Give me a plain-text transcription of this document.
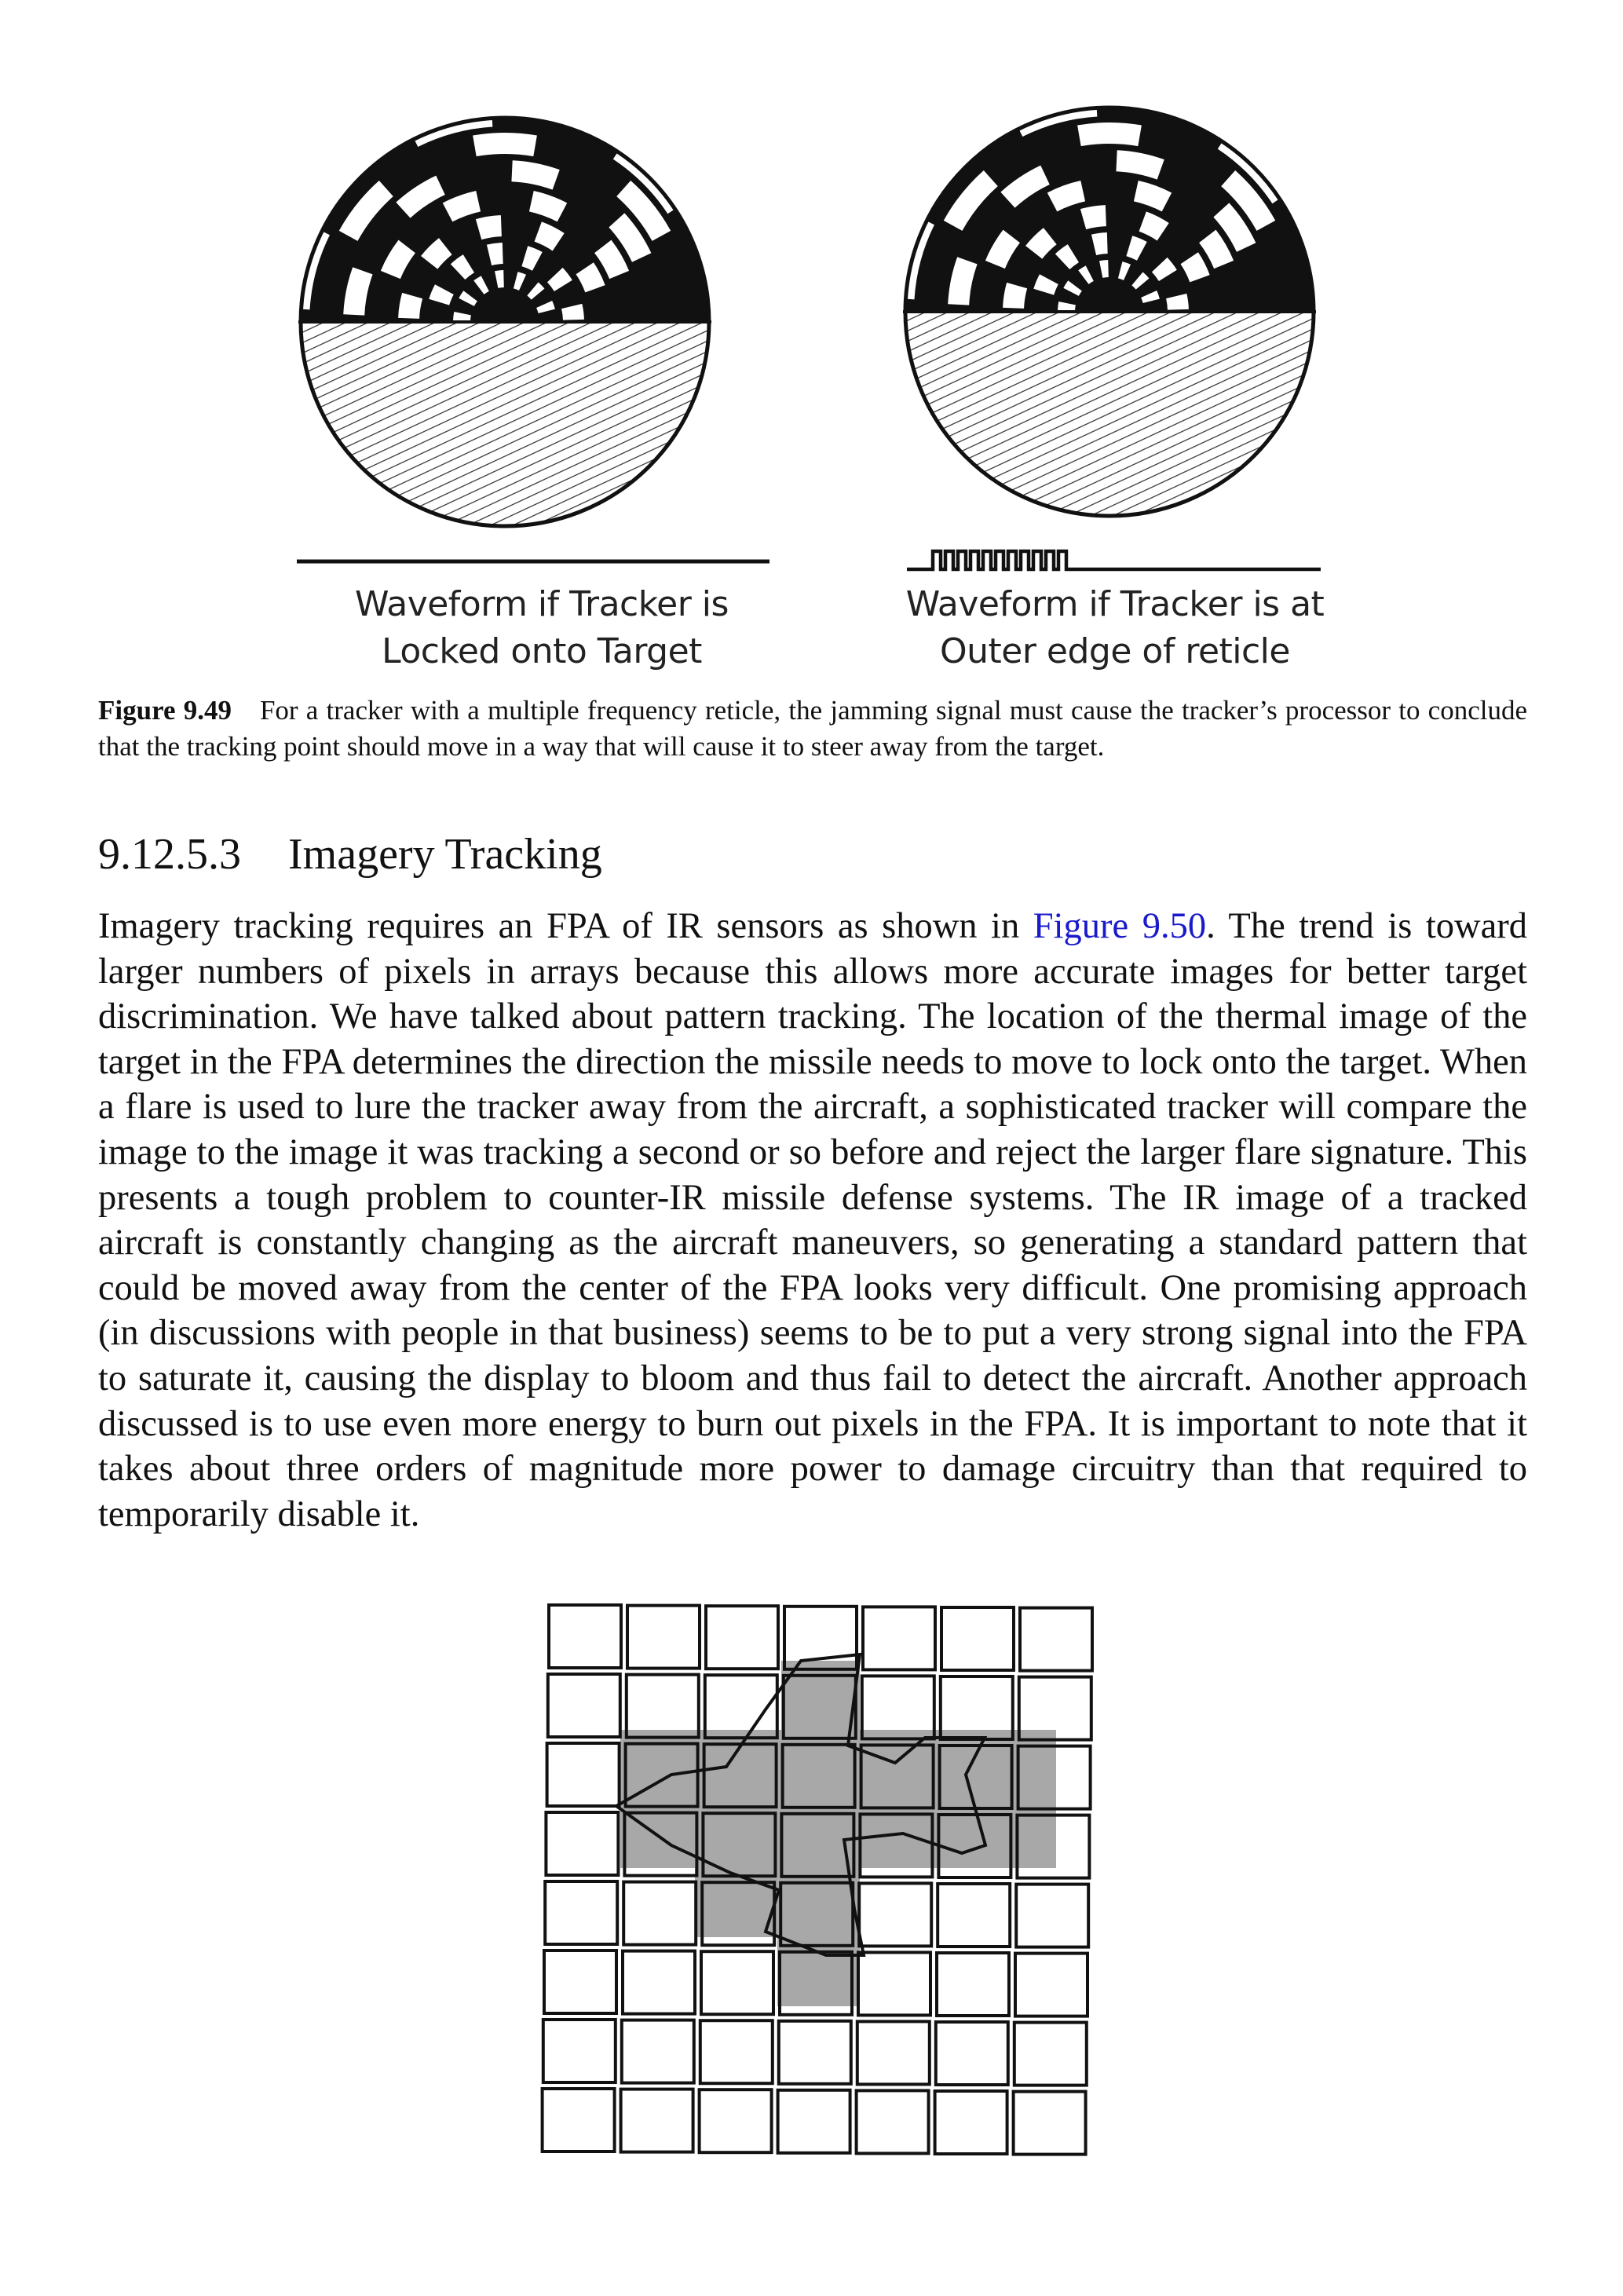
Waveform if Tracker is
Locked onto Target
Waveform if Tracker is at
Outer edge of reticle
Figure 9.49 For a tracker with a multiple frequency reticle, the jamming signal must cause the tracker’s processor to conclude that the tracking point should move in a way that will cause it to steer away from the target.
9.12.5.3 Imagery Tracking
Imagery tracking requires an FPA of IR sensors as shown in Figure 9.50. The trend is toward larger numbers of pixels in arrays because this allows more accurate images for better target discrimination. We have talked about pattern tracking. The location of the thermal image of the target in the FPA determines the direction the missile needs to move to lock onto the target. When a flare is used to lure the tracker away from the aircraft, a sophisticated tracker will compare the image to the image it was tracking a second or so before and reject the larger flare signature. This presents a tough problem to counter-IR missile defense systems. The IR image of a tracked aircraft is constantly changing as the aircraft maneuvers, so generating a standard pattern that could be moved away from the center of the FPA looks very difficult. One promising approach (in discussions with people in that business) seems to be to put a very strong signal into the FPA to saturate it, causing the display to bloom and thus fail to detect the aircraft. Another approach discussed is to use even more energy to burn out pixels in the FPA. It is important to note that it takes about three orders of magnitude more power to damage circuitry than that required to temporarily disable it.
